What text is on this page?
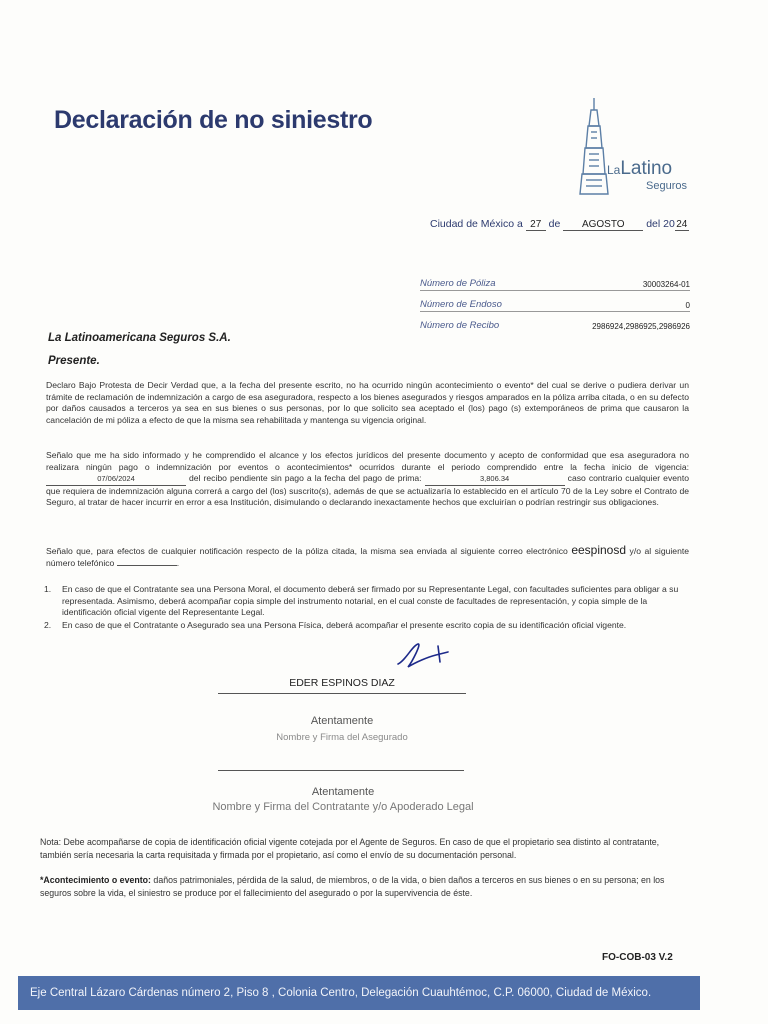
Declaración de no siniestro
LaLatino
Seguros
Ciudad de México a 27 de AGOSTO del 2024
Número de Póliza	30003264-01
Número de Endoso	0
Número de Recibo	2986924,2986925,2986926
La Latinoamericana Seguros S.A.
Presente.
Declaro Bajo Protesta de Decir Verdad que, a la fecha del presente escrito, no ha ocurrido ningún acontecimiento o evento* del cual se derive o pudiera derivar un trámite de reclamación de indemnización a cargo de esa aseguradora, respecto a los bienes asegurados y riesgos amparados en la póliza arriba citada, o en su defecto por daños causados a terceros ya sea en sus bienes o sus personas, por lo que solicito sea aceptado el (los) pago (s) extemporáneos de prima que causaron la cancelación de mi póliza a efecto de que la misma sea rehabilitada y mantenga su vigencia original.
Señalo que me ha sido informado y he comprendido el alcance y los efectos jurídicos del presente documento y acepto de conformidad que esa aseguradora no realizara ningún pago o indemnización por eventos o acontecimientos* ocurridos durante el periodo comprendido entre la fecha inicio de vigencia: 07/06/2024	del recibo pendiente sin pago a la fecha del pago de prima:	3,806.34	caso contrario cualquier evento que requiera de indemnización alguna correrá a cargo del (los) suscrito(s), además de que se actualizaría lo establecido en el artículo 70 de la Ley sobre el Contrato de Seguro, al tratar de hacer incurrir en error a esa Institución, disimulando o declarando inexactamente hechos que excluirían o podrían restringir sus obligaciones.
Señalo que, para efectos de cualquier notificación respecto de la póliza citada, la misma sea enviada al siguiente correo electrónico eespinosd y/o al siguiente número telefónico	.
1.	En caso de que el Contratante sea una Persona Moral, el documento deberá ser firmado por su Representante Legal, con facultades suficientes para obligar a su representada. Asimismo, deberá acompañar copia simple del instrumento notarial, en el cual conste de facultades de representación, y copia simple de la identificación oficial vigente del Representante Legal.
2.	En caso de que el Contratante o Asegurado sea una Persona Física, deberá acompañar el presente escrito copia de su identificación oficial vigente.
EDER ESPINOS DIAZ
Atentamente
Nombre y Firma del Asegurado
Atentamente
Nombre y Firma del Contratante y/o Apoderado Legal
Nota: Debe acompañarse de copia de identificación oficial vigente cotejada por el Agente de Seguros. En caso de que el propietario sea distinto al contratante, también sería necesaria la carta requisitada y firmada por el propietario, así como el envío de su documentación personal.
*Acontecimiento o evento: daños patrimoniales, pérdida de la salud, de miembros, o de la vida, o bien daños a terceros en sus bienes o en su persona; en los seguros sobre la vida, el siniestro se produce por el fallecimiento del asegurado o por la supervivencia de éste.
FO-COB-03 V.2
Eje Central Lázaro Cárdenas número 2, Piso 8 , Colonia Centro, Delegación Cuauhtémoc, C.P. 06000, Ciudad de México.
